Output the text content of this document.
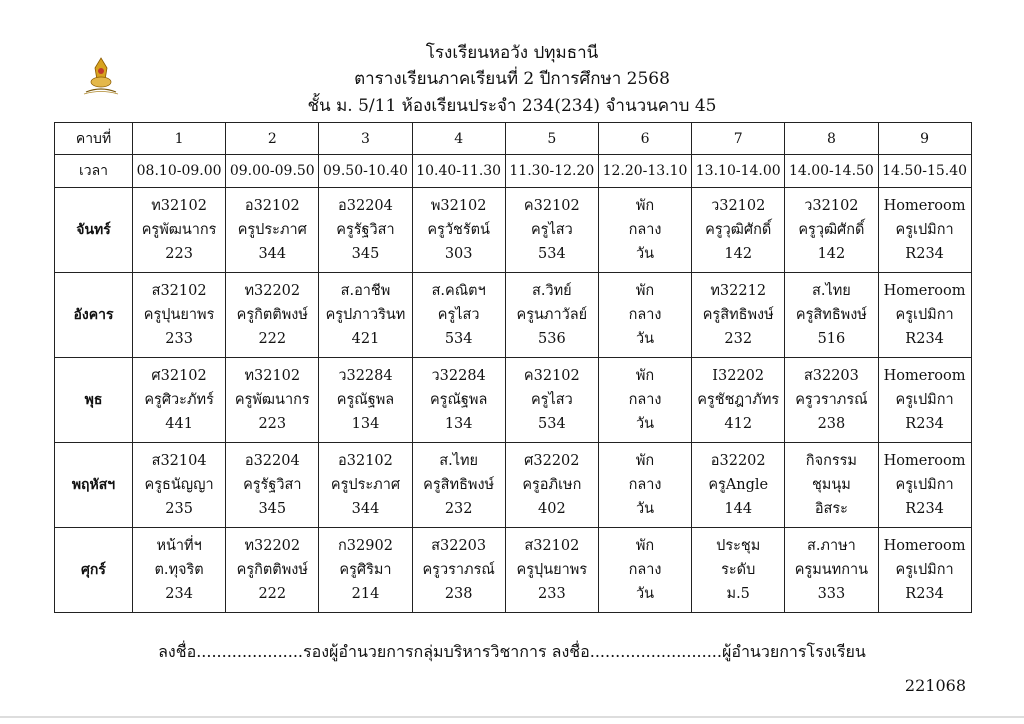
โรงเรียนหอวัง ปทุมธานี
ตารางเรียนภาคเรียนที่ 2 ปีการศึกษา 2568
ชั้น ม. 5/11 ห้องเรียนประจำ 234(234) จำนวนคาบ 45
คาบที่	1	2	3	4	5	6	7	8	9
เวลา	08.10-09.00	09.00-09.50	09.50-10.40	10.40-11.30	11.30-12.20	12.20-13.10	13.10-14.00	14.00-14.50	14.50-15.40
จันทร์	ท32102
ครูพัฒนากร
223	อ32102
ครูประภาศ
344	อ32204
ครูรัฐวิสา
345	พ32102
ครูวัชรัตน์
303	ค32102
ครูไสว
534	พัก
กลาง
วัน	ว32102
ครูวุฒิศักดิ์
142	ว32102
ครูวุฒิศักดิ์
142	Homeroom
ครูเปมิกา
R234

อังคาร	ส32102
ครูปุนยาพร
233	ท32202
ครูกิตติพงษ์
222	ส.อาชีพ
ครูปภาวรินท
421	ส.คณิตฯ
ครูไสว
534	ส.วิทย์
ครูนภาวัลย์
536	พัก
กลาง
วัน	ท32212
ครูสิทธิพงษ์
232	ส.ไทย
ครูสิทธิพงษ์
516	Homeroom
ครูเปมิกา
R234

พุธ	ศ32102
ครูศิวะภัทร์
441	ท32102
ครูพัฒนากร
223	ว32284
ครูณัฐพล
134	ว32284
ครูณัฐพล
134	ค32102
ครูไสว
534	พัก
กลาง
วัน	I32202
ครูชัชฎาภัทร
412	ส32203
ครูวราภรณ์
238	Homeroom
ครูเปมิกา
R234

พฤหัสฯ	ส32104
ครูธนัญญา
235	อ32204
ครูรัฐวิสา
345	อ32102
ครูประภาศ
344	ส.ไทย
ครูสิทธิพงษ์
232	ศ32202
ครูอภิเษก
402	พัก
กลาง
วัน	อ32202
ครูAngle
144	กิจกรรม
ชุมนุม
อิสระ	Homeroom
ครูเปมิกา
R234

ศุกร์	หน้าที่ฯ
ต.ทุจริต
234	ท32202
ครูกิตติพงษ์
222	ก32902
ครูศิริมา
214	ส32203
ครูวราภรณ์
238	ส32102
ครูปุนยาพร
233	พัก
กลาง
วัน	ประชุม
ระดับ
ม.5	ส.ภาษา
ครูมนทกาน
333	Homeroom
ครูเปมิกา
R234
ลงชื่อ.....................รองผู้อำนวยการกลุ่มบริหารวิชาการ ลงชื่อ..........................ผู้อำนวยการโรงเรียน
221068
